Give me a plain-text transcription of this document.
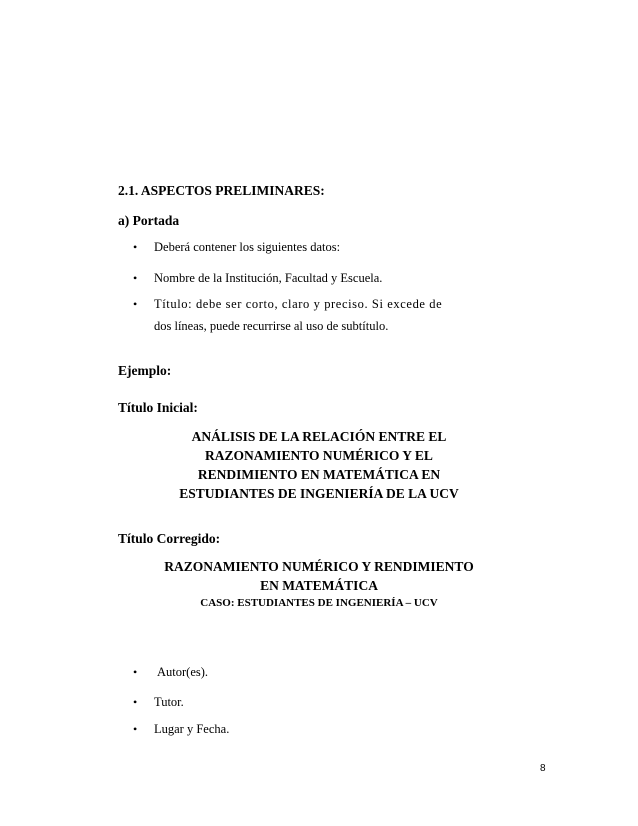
2.1. ASPECTOS PRELIMINARES:
a) Portada
• Deberá contener los siguientes datos:
• Nombre de la Institución, Facultad y Escuela.
• Título: debe ser corto, claro y preciso. Si excede de
dos líneas, puede recurrirse al uso de subtítulo.
Ejemplo:
Título Inicial:
ANÁLISIS DE LA RELACIÓN ENTRE EL
RAZONAMIENTO NUMÉRICO Y EL
RENDIMIENTO EN MATEMÁTICA EN
ESTUDIANTES DE INGENIERÍA DE LA UCV
Título Corregido:
RAZONAMIENTO NUMÉRICO Y RENDIMIENTO
EN MATEMÁTICA
CASO: ESTUDIANTES DE INGENIERÍA – UCV
• Autor(es).
• Tutor.
• Lugar y Fecha.
8
